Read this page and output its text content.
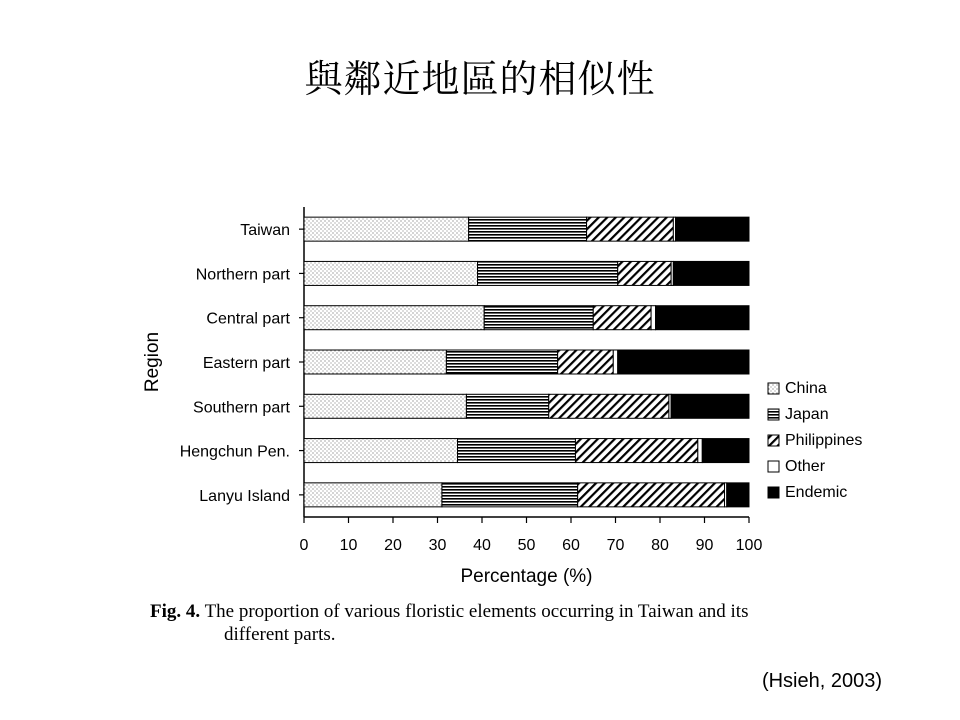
與鄰近地區的相似性
0 10 20 30 40 50 60 70 80 90 100
Percentage (%)
Region
Taiwan
Northern part
Central part
Eastern part
Southern part
Hengchun Pen.
Lanyu Island
China
Japan
Philippines
Other
Endemic
Fig. 4. The proportion of various floristic elements occurring in Taiwan and its
different parts.
(Hsieh, 2003)
